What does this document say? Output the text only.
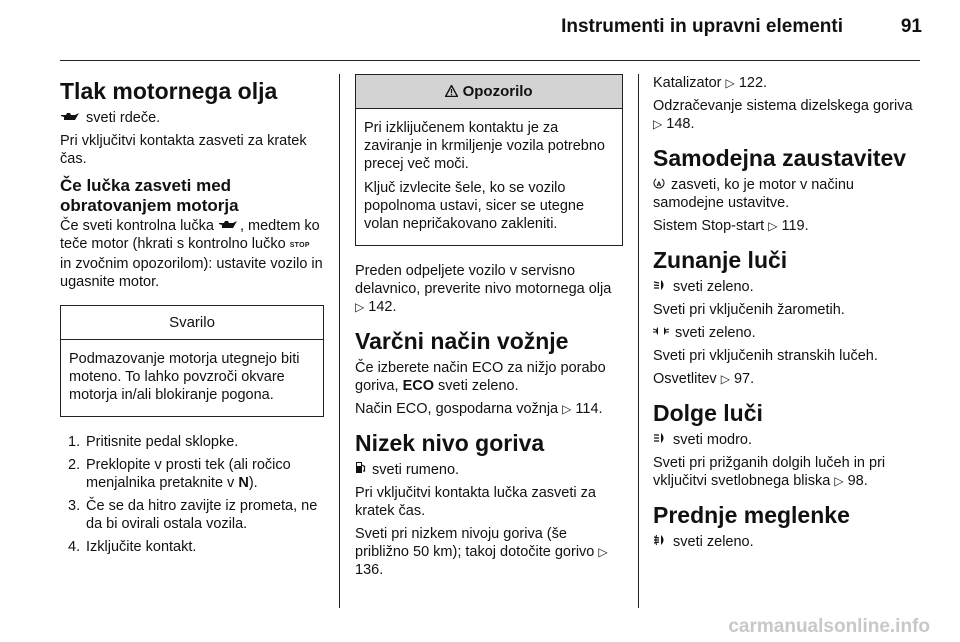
Instrumenti in upravni elementi	91
Tlak motornega olja

sveti rdeče.

Pri vključitvi kontakta zasveti za kratek čas.

Če lučka zasveti med obratovanjem motorja

Če sveti kontrolna lučka , medtem ko teče motor (hkrati s kontrolno lučko STOP in zvočnim opozorilom): ustavite vozilo in ugasnite motor.

Svarilo

Podmazovanje motorja utegnejo biti moteno. To lahko povzroči okvare motorja in/ali blokiranje pogona.

1. Pritisnite pedal sklopke.
2. Preklopite v prosti tek (ali ročico menjalnika pretaknite v N).
3. Če se da hitro zavijte iz prometa, ne da bi ovirali ostala vozila.
4. Izključite kontakt.
Opozorilo

Pri izklijučenem kontaktu je za zaviranje in krmiljenje vozila potrebno precej več moči.

Ključ izvlecite šele, ko se vozilo popolnoma ustavi, sicer se utegne volan nepričakovano zakleniti.

Preden odpeljete vozilo v servisno delavnico, preverite nivo motornega olja ▷ 142.

Varčni način vožnje

Če izberete način ECO za nižjo porabo goriva, ECO sveti zeleno.

Način ECO, gospodarna vožnja ▷ 114.

Nizek nivo goriva

sveti rumeno.

Pri vključitvi kontakta lučka zasveti za kratek čas.

Sveti pri nizkem nivoju goriva (še približno 50 km); takoj dotočite gorivo ▷ 136.

Katalizator ▷ 122.

Odzračevanje sistema dizelskega goriva ▷ 148.

Samodejna zaustavitev

A zasveti, ko je motor v načinu samodejne ustavitve.

Sistem Stop-start ▷ 119.

Zunanje luči

sveti zeleno.

Sveti pri vključenih žarometih.

sveti zeleno.

Sveti pri vključenih stranskih lučeh.

Osvetlitev ▷ 97.

Dolge luči

sveti modro.

Sveti pri prižganih dolgih lučeh in pri vključitvi svetlobnega bliska ▷ 98.

Prednje meglenke

sveti zeleno.

carmanualsonline.info
